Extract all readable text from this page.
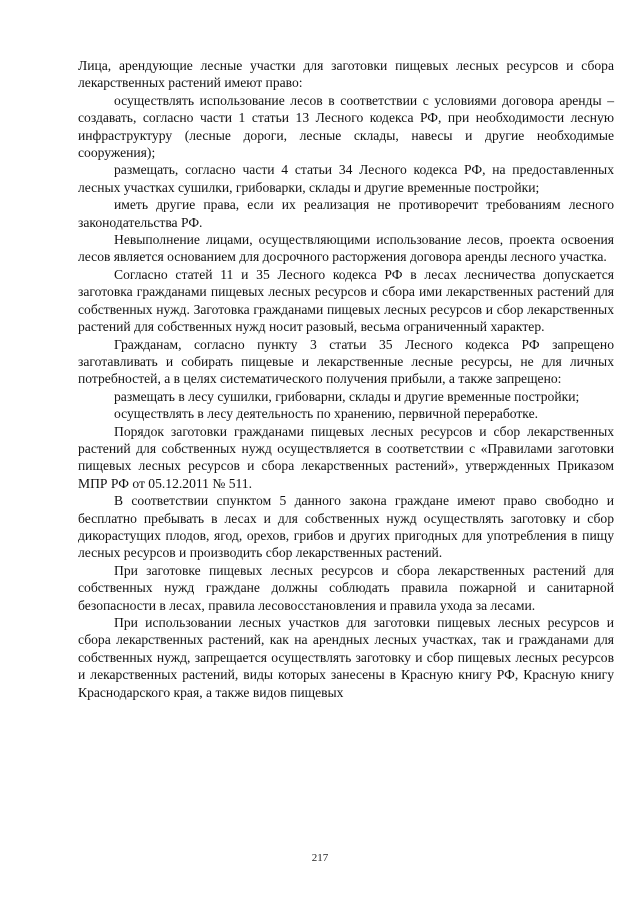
Лица, арендующие лесные участки для заготовки пищевых лесных ресурсов и сбора лекарственных растений имеют право:

осуществлять использование лесов в соответствии с условиями договора аренды – создавать, согласно части 1 статьи 13 Лесного кодекса РФ, при необходимости лесную инфраструктуру (лесные дороги, лесные склады, навесы и другие необходимые сооружения);

размещать, согласно части 4 статьи 34 Лесного кодекса РФ, на предоставленных лесных участках сушилки, грибоварки, склады и другие временные постройки;

иметь другие права, если их реализация не противоречит требованиям лесного законодательства РФ.

Невыполнение лицами, осуществляющими использование лесов, проекта освоения лесов является основанием для досрочного расторжения договора аренды лесного участка.

Согласно статей 11 и 35 Лесного кодекса РФ в лесах лесничества допускается заготовка гражданами пищевых лесных ресурсов и сбора ими лекарственных растений для собственных нужд. Заготовка гражданами пищевых лесных ресурсов и сбор лекарственных растений для собственных нужд носит разовый, весьма ограниченный характер.

Гражданам, согласно пункту 3 статьи 35 Лесного кодекса РФ запрещено заготавливать и собирать пищевые и лекарственные лесные ресурсы, не для личных потребностей, а в целях систематического получения прибыли, а также запрещено:

размещать в лесу сушилки, грибоварни, склады и другие временные постройки;

осуществлять в лесу деятельность по хранению, первичной переработке.

Порядок заготовки гражданами пищевых лесных ресурсов и сбор лекарственных растений для собственных нужд осуществляется в соответствии с «Правилами заготовки пищевых лесных ресурсов и сбора лекарственных растений», утвержденных Приказом МПР РФ от 05.12.2011 № 511.

В соответствии спунктом 5 данного закона граждане имеют право свободно и бесплатно пребывать в лесах и для собственных нужд осуществлять заготовку и сбор дикорастущих плодов, ягод, орехов, грибов и других пригодных для употребления в пищу лесных ресурсов и производить сбор лекарственных растений.

При заготовке пищевых лесных ресурсов и сбора лекарственных растений для собственных нужд граждане должны соблюдать правила пожарной и санитарной безопасности в лесах, правила лесовосстановления и правила ухода за лесами.

При использовании лесных участков для заготовки пищевых лесных ресурсов и сбора лекарственных растений, как на арендных лесных участках, так и гражданами для собственных нужд, запрещается осуществлять заготовку и сбор пищевых лесных ресурсов и лекарственных растений, виды которых занесены в Красную книгу РФ, Красную книгу Краснодарского края, а также видов пищевых

217
